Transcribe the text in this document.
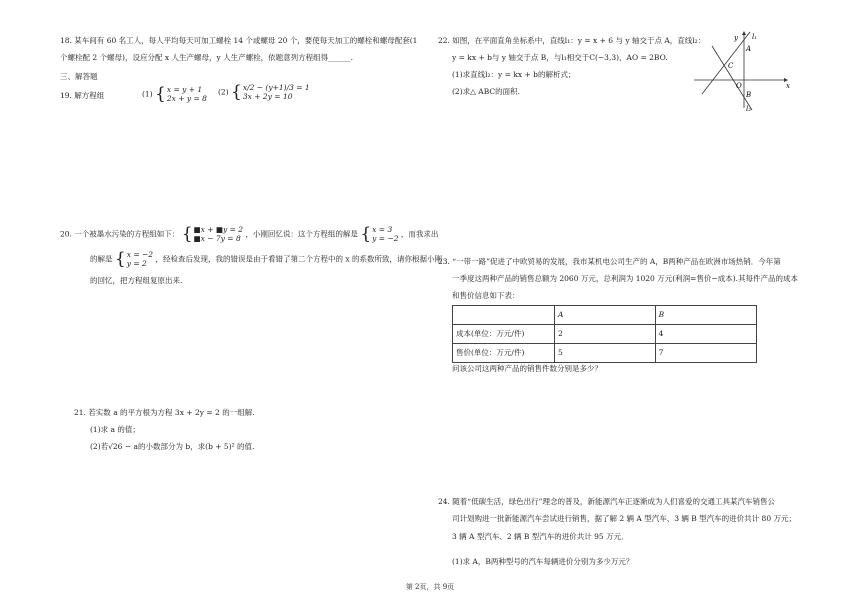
18. 某车间有 60 名工人，每人平均每天可加工螺栓 14 个或螺母 20 个，要使每天加工的螺栓和螺母配套(1
个螺栓配 2 个螺母)，设应分配 x 人生产螺母，y 人生产螺栓，依题意列方程组得______.
三、解答题
19. 解方程组	(1) { x = y + 1
2x + y = 8
(2) { x/2 − (y+1)/3 = 1
3x + 2y = 10
20. 一个被墨水污染的方程组如下： { ■x + ■y = 2
■x − 7y = 8 ，小刚回忆说：这个方程组的解是 { x = 3
y = −2 ，而我求出
的解是 { x = −2
y = 2	，经检查后发现，我的错误是由于看错了第二个方程中的 x 的系数所致，请你根据小刚
的回忆，把方程组复原出来.
21. 若实数 a 的平方根为方程 3x + 2y = 2 的一组解.
(1)求 a 的值；
(2)若√26 − a的小数部分为 b，求(b + 5)² 的值.
22. 如图，在平面直角坐标系中，直线l₁：y = x + 6 与 y 轴交于点 A，直线l₂：
y = kx + b与 y 轴交于点 B，与l₁相交于C(−3,3)，AO = 2BO.
(1)求直线l₂：y = kx + b的解析式；
(2)求△ ABC的面积.
y
x
l₁
l₂
A
B
C
O
23. “一带一路”促进了中欧贸易的发展，我市某机电公司生产的 A，B两种产品在欧洲市场热销．今年第
一季度这两种产品的销售总额为 2060 万元，总利润为 1020 万元(利润=售价−成本).其每件产品的成本
和售价信息如下表：
	A	B
成本(单位：万元/件)	2	4
售价(单位：万元/件)	5	7
问该公司这两种产品的销售件数分别是多少？
24. 随着“低碳生活，绿色出行”理念的普及，新能源汽车正逐渐成为人们喜爱的交通工具某汽车销售公
司计划购进一批新能源汽车尝试进行销售，据了解 2 辆 A 型汽车、3 辆 B 型汽车的进价共计 80 万元；
3 辆 A 型汽车、2 辆 B 型汽车的进价共计 95 万元．
(1)求 A，B两种型号的汽车每辆进价分别为多少万元？
第 2页，共 9页
